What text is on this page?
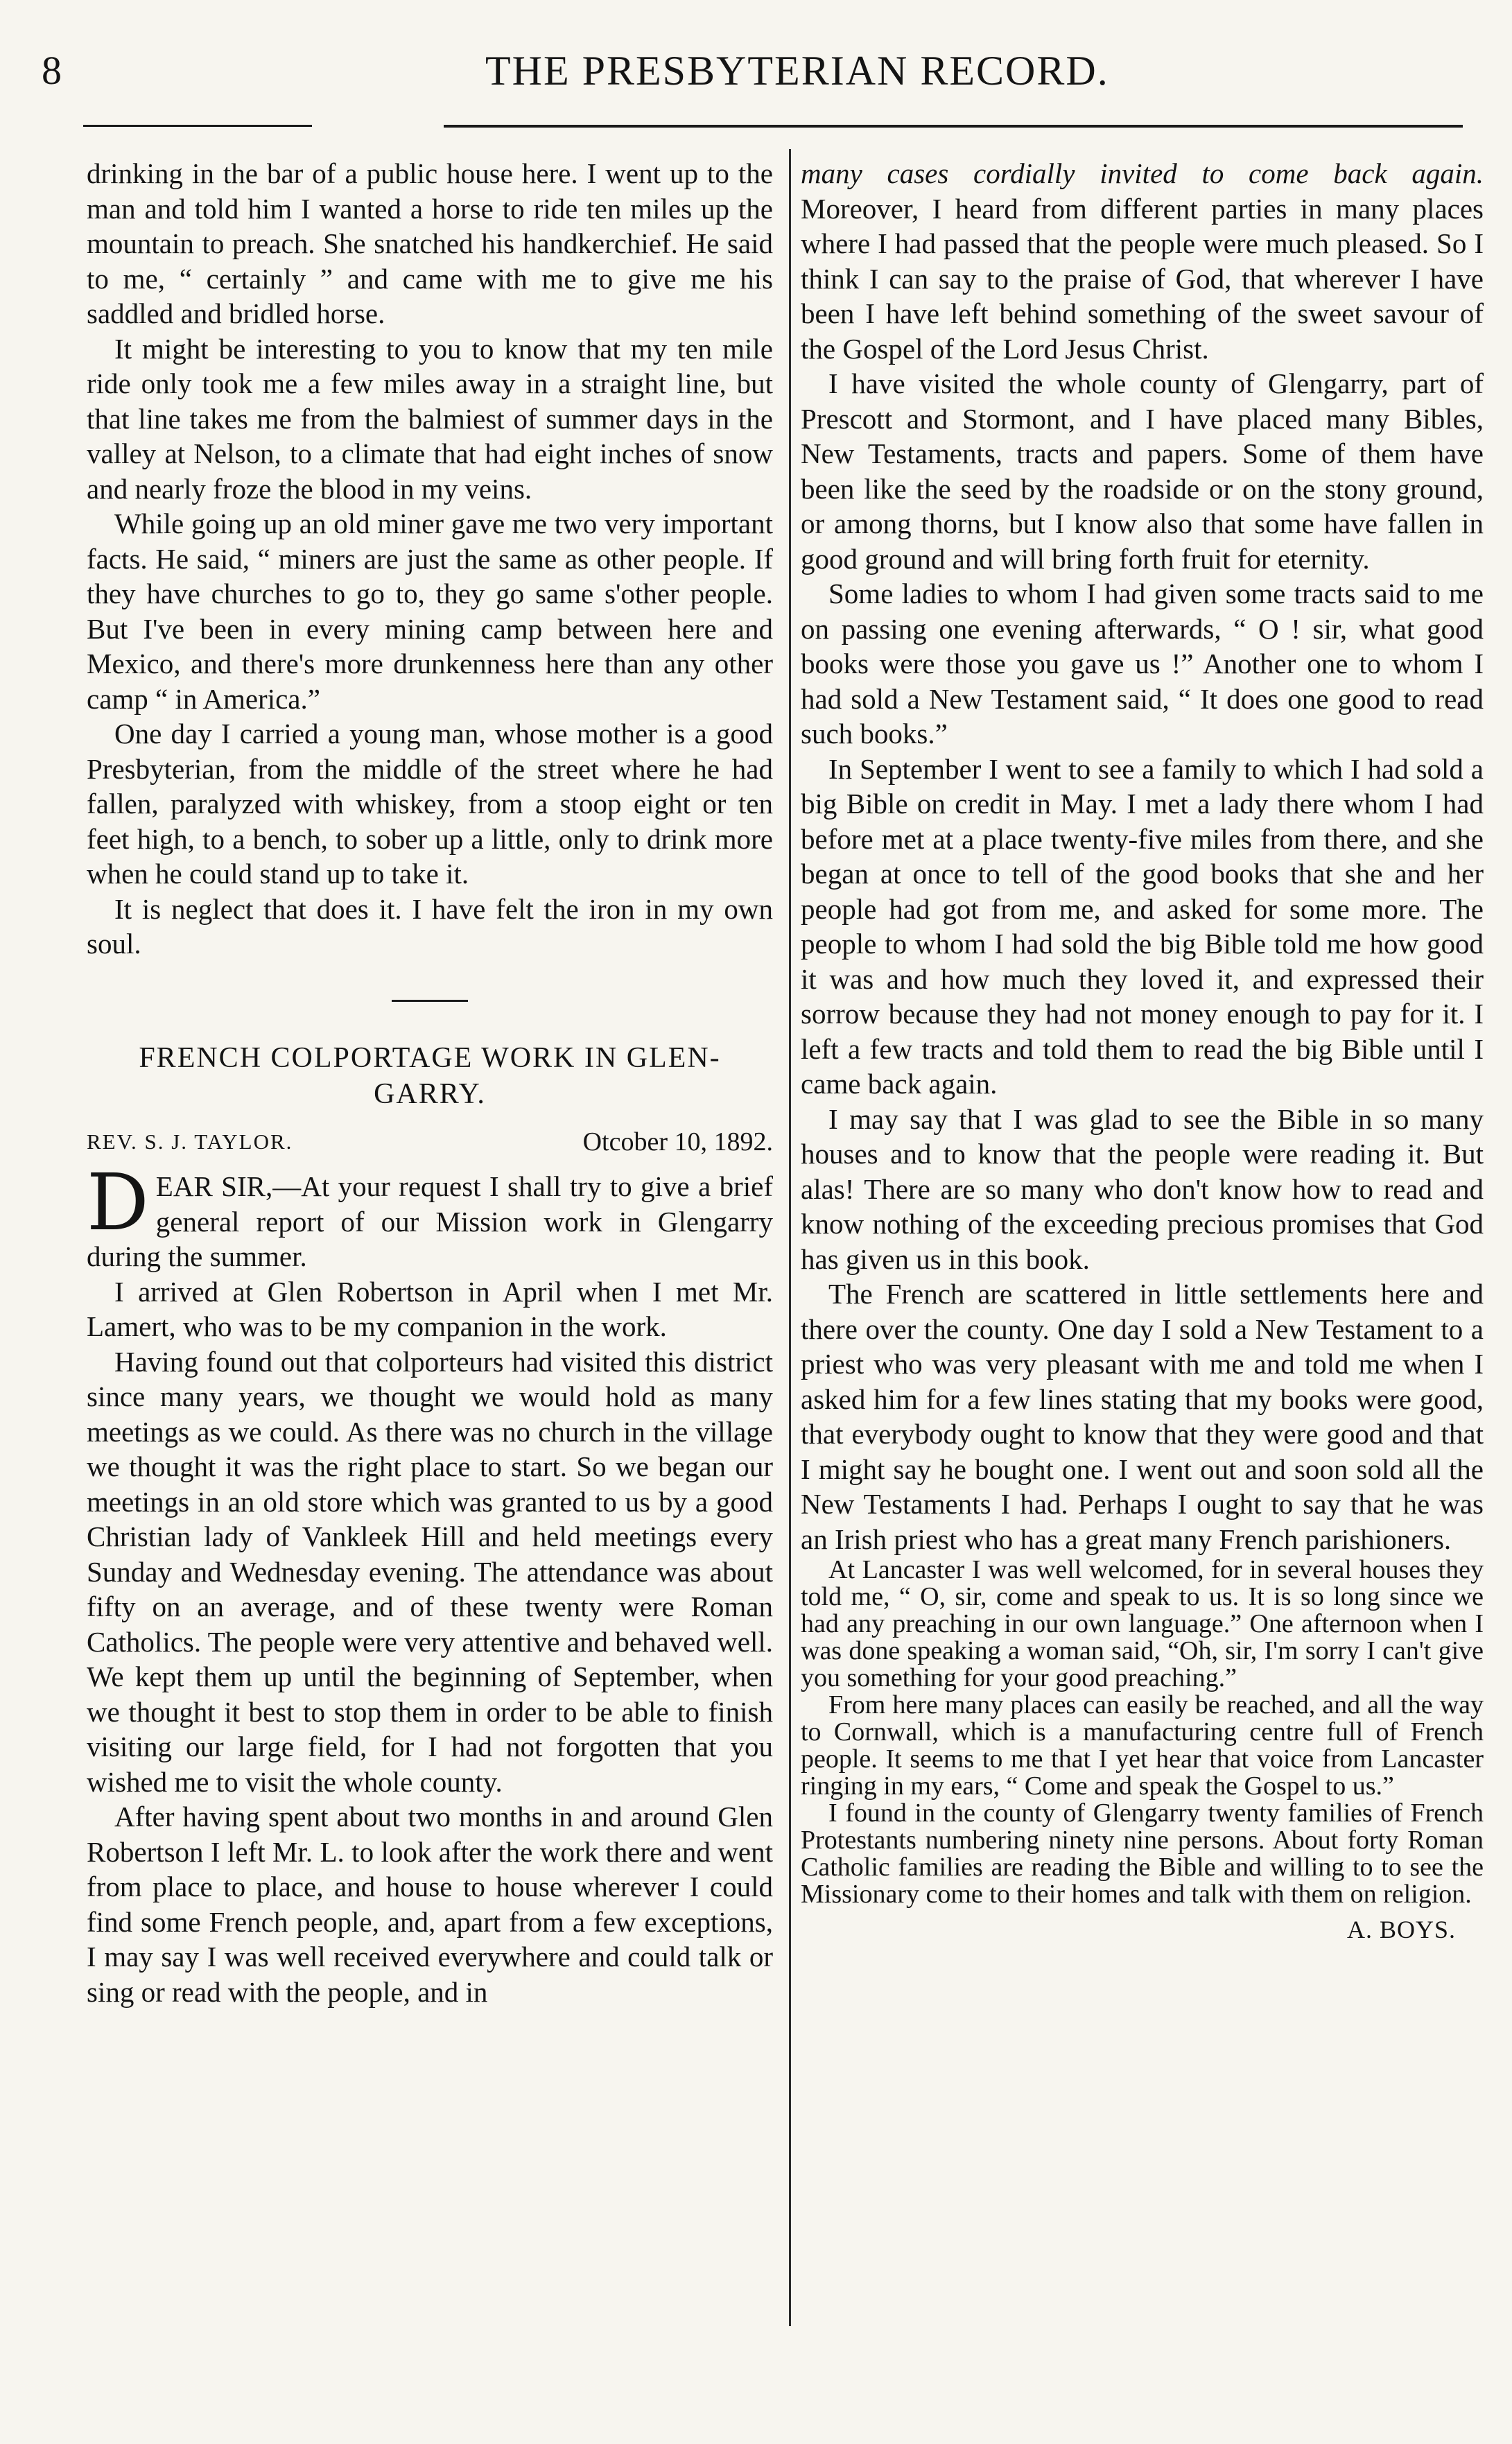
8	THE PRESBYTERIAN RECORD.

drinking in the bar of a public house here. I went up to the man and told him I wanted a horse to ride ten miles up the mountain to preach. She snatched his handkerchief. He said to me, “ certainly ” and came with me to give me his saddled and bridled horse.

It might be interesting to you to know that my ten mile ride only took me a few miles away in a straight line, but that line takes me from the balmiest of summer days in the valley at Nelson, to a climate that had eight inches of snow and nearly froze the blood in my veins.

While going up an old miner gave me two very important facts. He said, “ miners are just the same as other people. If they have churches to go to, they go same s'other people. But I've been in every mining camp between here and Mexico, and there's more drunkenness here than any other camp “ in America.”

One day I carried a young man, whose mother is a good Presbyterian, from the middle of the street where he had fallen, paralyzed with whiskey, from a stoop eight or ten feet high, to a bench, to sober up a little, only to drink more when he could stand up to take it.

It is neglect that does it. I have felt the iron in my own soul.

FRENCH COLPORTAGE WORK IN GLEN-GARRY.
REV. S. J. TAYLOR.	Otcober 10, 1892.

DEAR SIR,—At your request I shall try to give a brief general report of our Mission work in Glengarry during the summer.

I arrived at Glen Robertson in April when I met Mr. Lamert, who was to be my companion in the work.

Having found out that colporteurs had visited this district since many years, we thought we would hold as many meetings as we could. As there was no church in the village we thought it was the right place to start. So we began our meetings in an old store which was granted to us by a good Christian lady of Vankleek Hill and held meetings every Sunday and Wednesday evening. The attendance was about fifty on an average, and of these twenty were Roman Catholics. The people were very attentive and behaved well. We kept them up until the beginning of September, when we thought it best to stop them in order to be able to finish visiting our large field, for I had not forgotten that you wished me to visit the whole county.

After having spent about two months in and around Glen Robertson I left Mr. L. to look after the work there and went from place to place, and house to house wherever I could find some French people, and, apart from a few exceptions, I may say I was well received everywhere and could talk or sing or read with the people, and in

many cases cordially invited to come back again. Moreover, I heard from different parties in many places where I had passed that the people were much pleased. So I think I can say to the praise of God, that wherever I have been I have left behind something of the sweet savour of the Gospel of the Lord Jesus Christ.

I have visited the whole county of Glengarry, part of Prescott and Stormont, and I have placed many Bibles, New Testaments, tracts and papers. Some of them have been like the seed by the roadside or on the stony ground, or among thorns, but I know also that some have fallen in good ground and will bring forth fruit for eternity.

Some ladies to whom I had given some tracts said to me on passing one evening afterwards, “ O ! sir, what good books were those you gave us !” Another one to whom I had sold a New Testament said, “ It does one good to read such books.”

In September I went to see a family to which I had sold a big Bible on credit in May. I met a lady there whom I had before met at a place twenty-five miles from there, and she began at once to tell of the good books that she and her people had got from me, and asked for some more. The people to whom I had sold the big Bible told me how good it was and how much they loved it, and expressed their sorrow because they had not money enough to pay for it. I left a few tracts and told them to read the big Bible until I came back again.

I may say that I was glad to see the Bible in so many houses and to know that the people were reading it. But alas! There are so many who don't know how to read and know nothing of the exceeding precious promises that God has given us in this book.

The French are scattered in little settlements here and there over the county. One day I sold a New Testament to a priest who was very pleasant with me and told me when I asked him for a few lines stating that my books were good, that everybody ought to know that they were good and that I might say he bought one. I went out and soon sold all the New Testaments I had. Perhaps I ought to say that he was an Irish priest who has a great many French parishioners.

At Lancaster I was well welcomed, for in several houses they told me, “ O, sir, come and speak to us. It is so long since we had any preaching in our own language.” One afternoon when I was done speaking a woman said, “Oh, sir, I'm sorry I can't give you something for your good preaching.”

From here many places can easily be reached, and all the way to Cornwall, which is a manufacturing centre full of French people. It seems to me that I yet hear that voice from Lancaster ringing in my ears, “ Come and speak the Gospel to us.”

I found in the county of Glengarry twenty families of French Protestants numbering ninety nine persons. About forty Roman Catholic families are reading the Bible and willing to to see the Missionary come to their homes and talk with them on religion.

A. BOYS.
